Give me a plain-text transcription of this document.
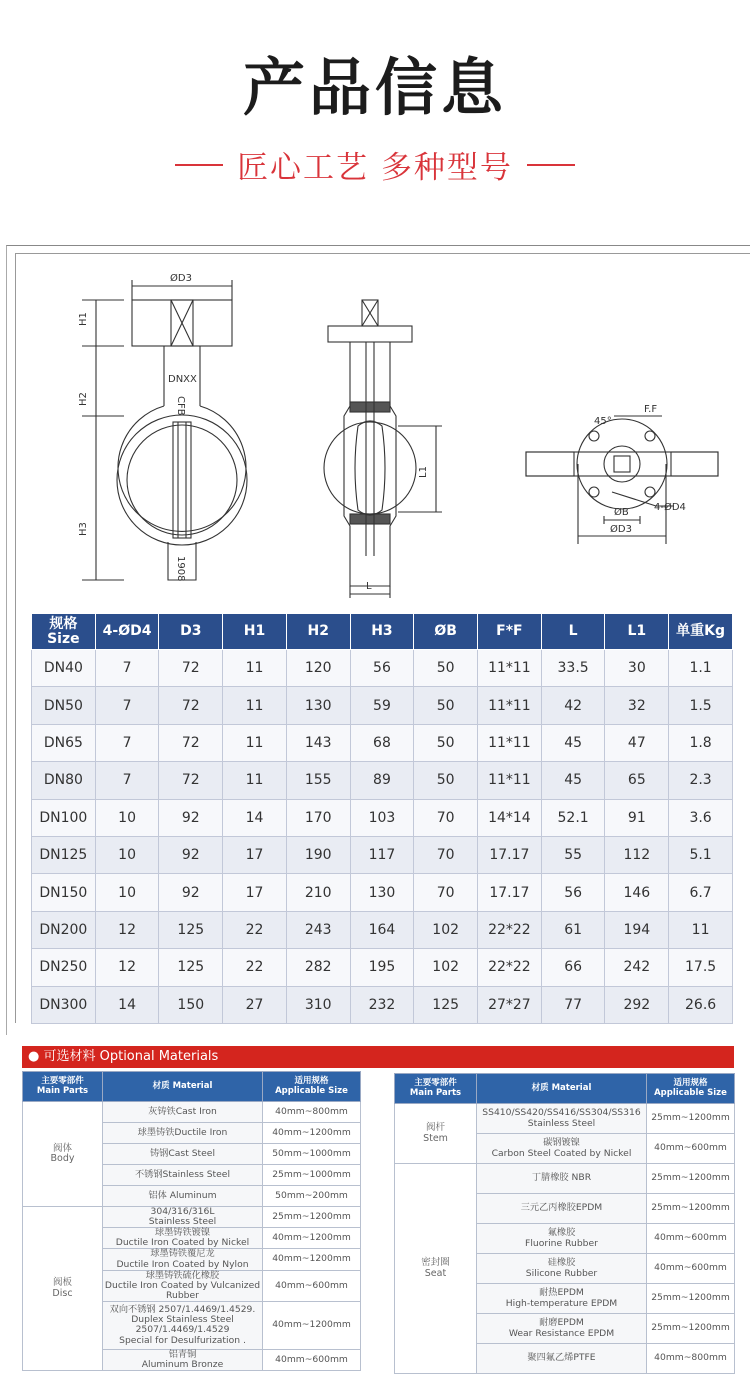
产品信息
匠心工艺 多种型号
ØD3
H1
H2
H3
DNXX
CFB
1908
L1
L
F.F
45°
ØB
ØD3
4-ØD4
规格
Size	4-ØD4	D3	H1	H2	H3	ØB	F*F	L	L1	单重Kg
DN40	7	72	11	120	56	50	11*11	33.5	30	1.1
DN50	7	72	11	130	59	50	11*11	42	32	1.5
DN65	7	72	11	143	68	50	11*11	45	47	1.8
DN80	7	72	11	155	89	50	11*11	45	65	2.3
DN100	10	92	14	170	103	70	14*14	52.1	91	3.6
DN125	10	92	17	190	117	70	17.17	55	112	5.1
DN150	10	92	17	210	130	70	17.17	56	146	6.7
DN200	12	125	22	243	164	102	22*22	61	194	11
DN250	12	125	22	282	195	102	22*22	66	242	17.5
DN300	14	150	27	310	232	125	27*27	77	292	26.6
● 可选材料 Optional Materials
主要零部件
Main Parts	材质 Material	适用规格
Applicable Size
阀体
Body	灰铸铁Cast Iron	40mm~800mm
	球墨铸铁Ductile Iron	40mm~1200mm
	铸钢Cast Steel	50mm~1000mm
	不锈钢Stainless Steel	25mm~1000mm
	铝体 Aluminum	50mm~200mm
阀板
Disc	304/316/316L
Stainless Steel	25mm~1200mm
	球墨铸铁镀镍
Ductile Iron Coated by Nickel	40mm~1200mm
	球墨铸铁覆尼龙
Ductile Iron Coated by Nylon	40mm~1200mm
	球墨铸铁硫化橡胶
Ductile Iron Coated by Vulcanized Rubber	40mm~600mm
	双向不锈钢 2507/1.4469/1.4529.
Duplex Stainless Steel
2507/1.4469/1.4529
Special for Desulfurization .	40mm~1200mm
	铝青铜
Aluminum Bronze	40mm~600mm
主要零部件
Main Parts	材质 Material	适用规格
Applicable Size
阀杆
Stem	SS410/SS420/SS416/SS304/SS316
Stainless Steel	25mm~1200mm
	碳钢镀镍
Carbon Steel Coated by Nickel	40mm~600mm
密封圈
Seat	丁腈橡胶 NBR	25mm~1200mm
	三元乙丙橡胶EPDM	25mm~1200mm
	氟橡胶
Fluorine Rubber	40mm~600mm
	硅橡胶
Silicone Rubber	40mm~600mm
	耐热EPDM
High-temperature EPDM	25mm~1200mm
	耐磨EPDM
Wear Resistance EPDM	25mm~1200mm
	聚四氟乙烯PTFE	40mm~800mm
